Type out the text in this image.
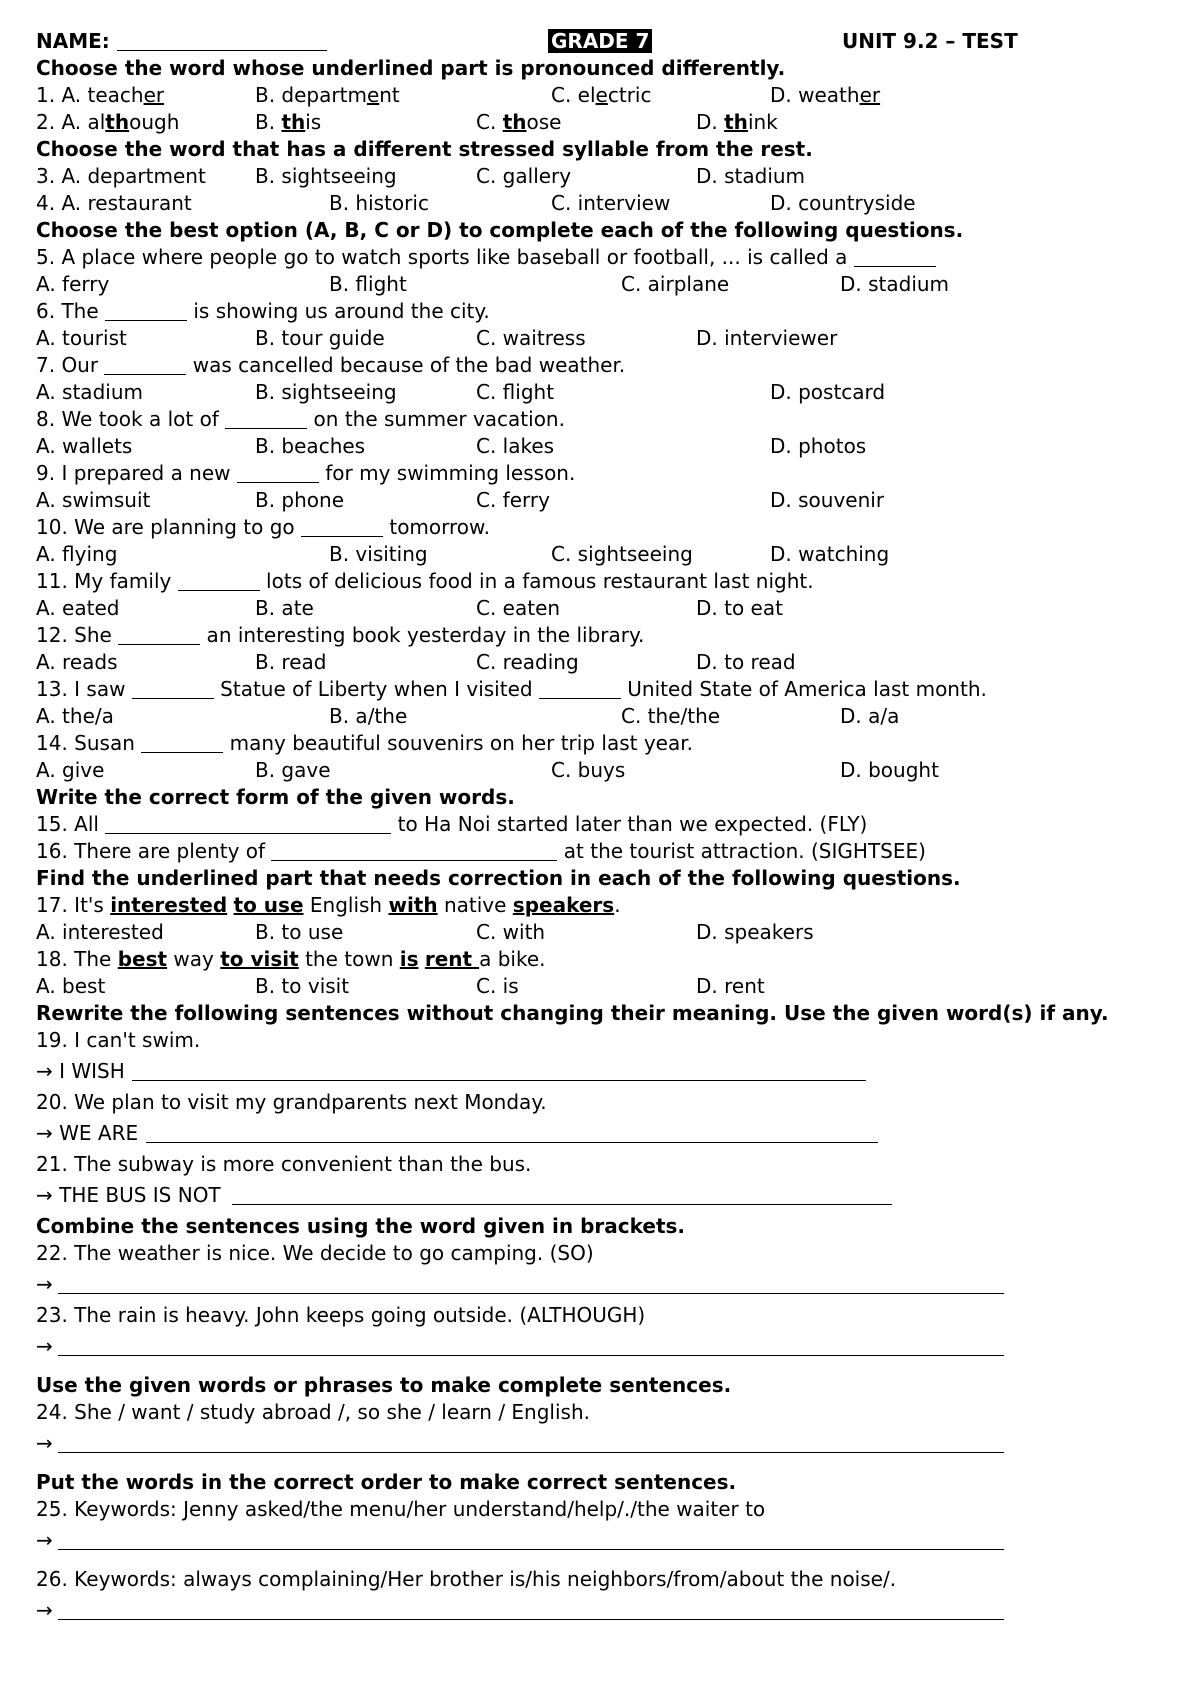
NAME:	GRADE 7	UNIT 9.2 – TEST
Choose the word whose underlined part is pronounced differently.
1. A. teacher	B. department	C. electric	D. weather
2. A. although	B. this	C. those	D. think
Choose the word that has a different stressed syllable from the rest.
3. A. department B. sightseeing	C. gallery	D. stadium
4. A. restaurant	B. historic	C. interview	D. countryside
Choose the best option (A, B, C or D) to complete each of the following questions.
5. A place where people go to watch sports like baseball or football, ... is called a
A. ferry	B. flight	C. airplane	D. stadium
6. The	is showing us around the city.
A. tourist	B. tour guide	C. waitress	D. interviewer
7. Our	was cancelled because of the bad weather.
A. stadium	B. sightseeing	C. flight	D. postcard
8. We took a lot of	on the summer vacation.
A. wallets	B. beaches	C. lakes	D. photos
9. I prepared a new	for my swimming lesson.
A. swimsuit	B. phone	C. ferry	D. souvenir
10. We are planning to go	tomorrow.
A. flying	B. visiting	C. sightseeing	D. watching
11. My family	lots of delicious food in a famous restaurant last night.
A. eated	B. ate	C. eaten	D. to eat
12. She	an interesting book yesterday in the library.
A. reads	B. read	C. reading	D. to read
13. I saw	Statue of Liberty when I visited	United State of America last month.
A. the/a	B. a/the	C. the/the	D. a/a
14. Susan	many beautiful souvenirs on her trip last year.
A. give	B. gave	C. buys	D. bought
Write the correct form of the given words.
15. All	to Ha Noi started later than we expected. (FLY)
16. There are plenty of	at the tourist attraction. (SIGHTSEE)
Find the underlined part that needs correction in each of the following questions.
17. It's interested to use English with native speakers.
A. interested	B. to use	C. with	D. speakers
18. The best way to visit the town is rent a bike.
A. best	B. to visit	C. is	D. rent
Rewrite the following sentences without changing their meaning. Use the given word(s) if any.
19. I can't swim.
→ I WISH
20. We plan to visit my grandparents next Monday.
→ WE ARE
21. The subway is more convenient than the bus.
→ THE BUS IS NOT
Combine the sentences using the word given in brackets.
22. The weather is nice. We decide to go camping. (SO)
→
23. The rain is heavy. John keeps going outside. (ALTHOUGH)
→
Use the given words or phrases to make complete sentences.
24. She / want / study abroad /, so she / learn / English.
→
Put the words in the correct order to make correct sentences.
25. Keywords: Jenny asked/the menu/her understand/help/./the waiter to
→
26. Keywords: always complaining/Her brother is/his neighbors/from/about the noise/.
→
